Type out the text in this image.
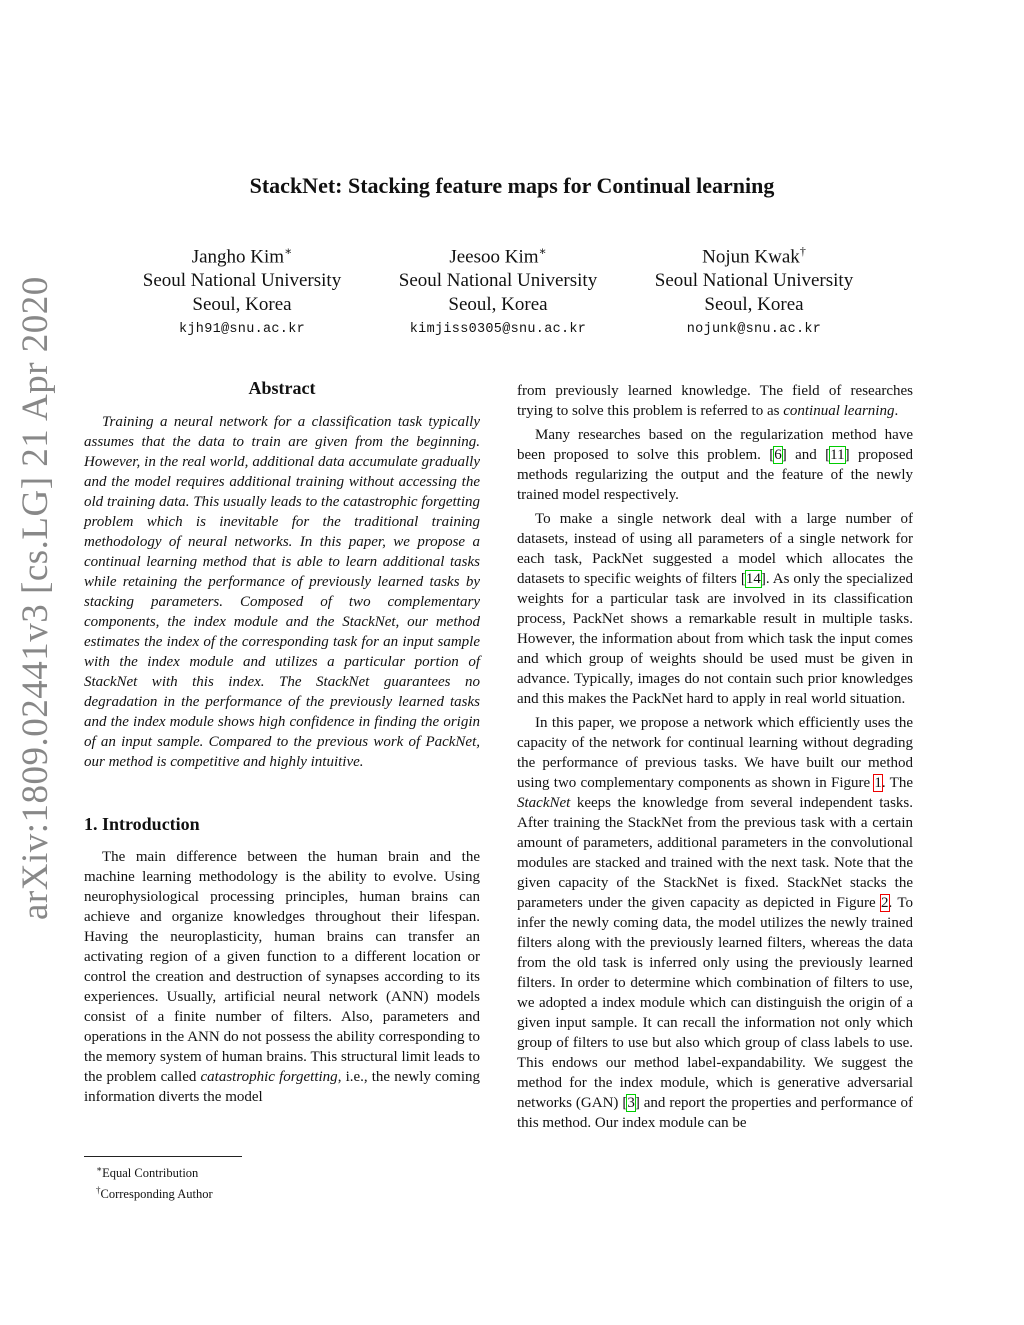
arXiv:1809.02441v3 [cs.LG] 21 Apr 2020
StackNet: Stacking feature maps for Continual learning
Jangho Kim∗
Seoul National University
Seoul, Korea
kjh91@snu.ac.kr
Jeesoo Kim∗
Seoul National University
Seoul, Korea
kimjiss0305@snu.ac.kr
Nojun Kwak†
Seoul National University
Seoul, Korea
nojunk@snu.ac.kr
Abstract

Training a neural network for a classification task typically assumes that the data to train are given from the beginning. However, in the real world, additional data accumulate gradually and the model requires additional training without accessing the old training data. This usually leads to the catastrophic forgetting problem which is inevitable for the traditional training methodology of neural networks. In this paper, we propose a continual learning method that is able to learn additional tasks while retaining the performance of previously learned tasks by stacking parameters. Composed of two complementary components, the index module and the StackNet, our method estimates the index of the corresponding task for an input sample with the index module and utilizes a particular portion of StackNet with this index. The StackNet guarantees no degradation in the performance of the previously learned tasks and the index module shows high confidence in finding the origin of an input sample. Compared to the previous work of PackNet, our method is competitive and highly intuitive.

1. Introduction

The main difference between the human brain and the machine learning methodology is the ability to evolve. Using neurophysiological processing principles, human brains can achieve and organize knowledges throughout their lifespan. Having the neuroplasticity, human brains can transfer an activating region of a given function to a different location or control the creation and destruction of synapses according to its experiences. Usually, artificial neural network (ANN) models consist of a finite number of filters. Also, parameters and operations in the ANN do not possess the ability corresponding to the memory system of human brains. This structural limit leads to the problem called catastrophic forgetting, i.e., the newly coming information diverts the model

from previously learned knowledge. The field of researches trying to solve this problem is referred to as continual learning.

Many researches based on the regularization method have been proposed to solve this problem. [6] and [11] proposed methods regularizing the output and the feature of the newly trained model respectively.

To make a single network deal with a large number of datasets, instead of using all parameters of a single network for each task, PackNet suggested a model which allocates the datasets to specific weights of filters [14]. As only the specialized weights for a particular task are involved in its classification process, PackNet shows a remarkable result in multiple tasks. However, the information about from which task the input comes and which group of weights should be used must be given in advance. Typically, images do not contain such prior knowledges and this makes the PackNet hard to apply in real world situation.

In this paper, we propose a network which efficiently uses the capacity of the network for continual learning without degrading the performance of previous tasks. We have built our method using two complementary components as shown in Figure 1. The StackNet keeps the knowledge from several independent tasks. After training the StackNet from the previous task with a certain amount of parameters, additional parameters in the convolutional modules are stacked and trained with the next task. Note that the given capacity of the StackNet is fixed. StackNet stacks the parameters under the given capacity as depicted in Figure 2. To infer the newly coming data, the model utilizes the newly trained filters along with the previously learned filters, whereas the data from the old task is inferred only using the previously learned filters. In order to determine which combination of filters to use, we adopted a index module which can distinguish the origin of a given input sample. It can recall the information not only which group of filters to use but also which group of class labels to use. This endows our method label-expandability. We suggest the method for the index module, which is generative adversarial networks (GAN) [3] and report the properties and performance of this method. Our index module can be

∗Equal Contribution
†Corresponding Author
